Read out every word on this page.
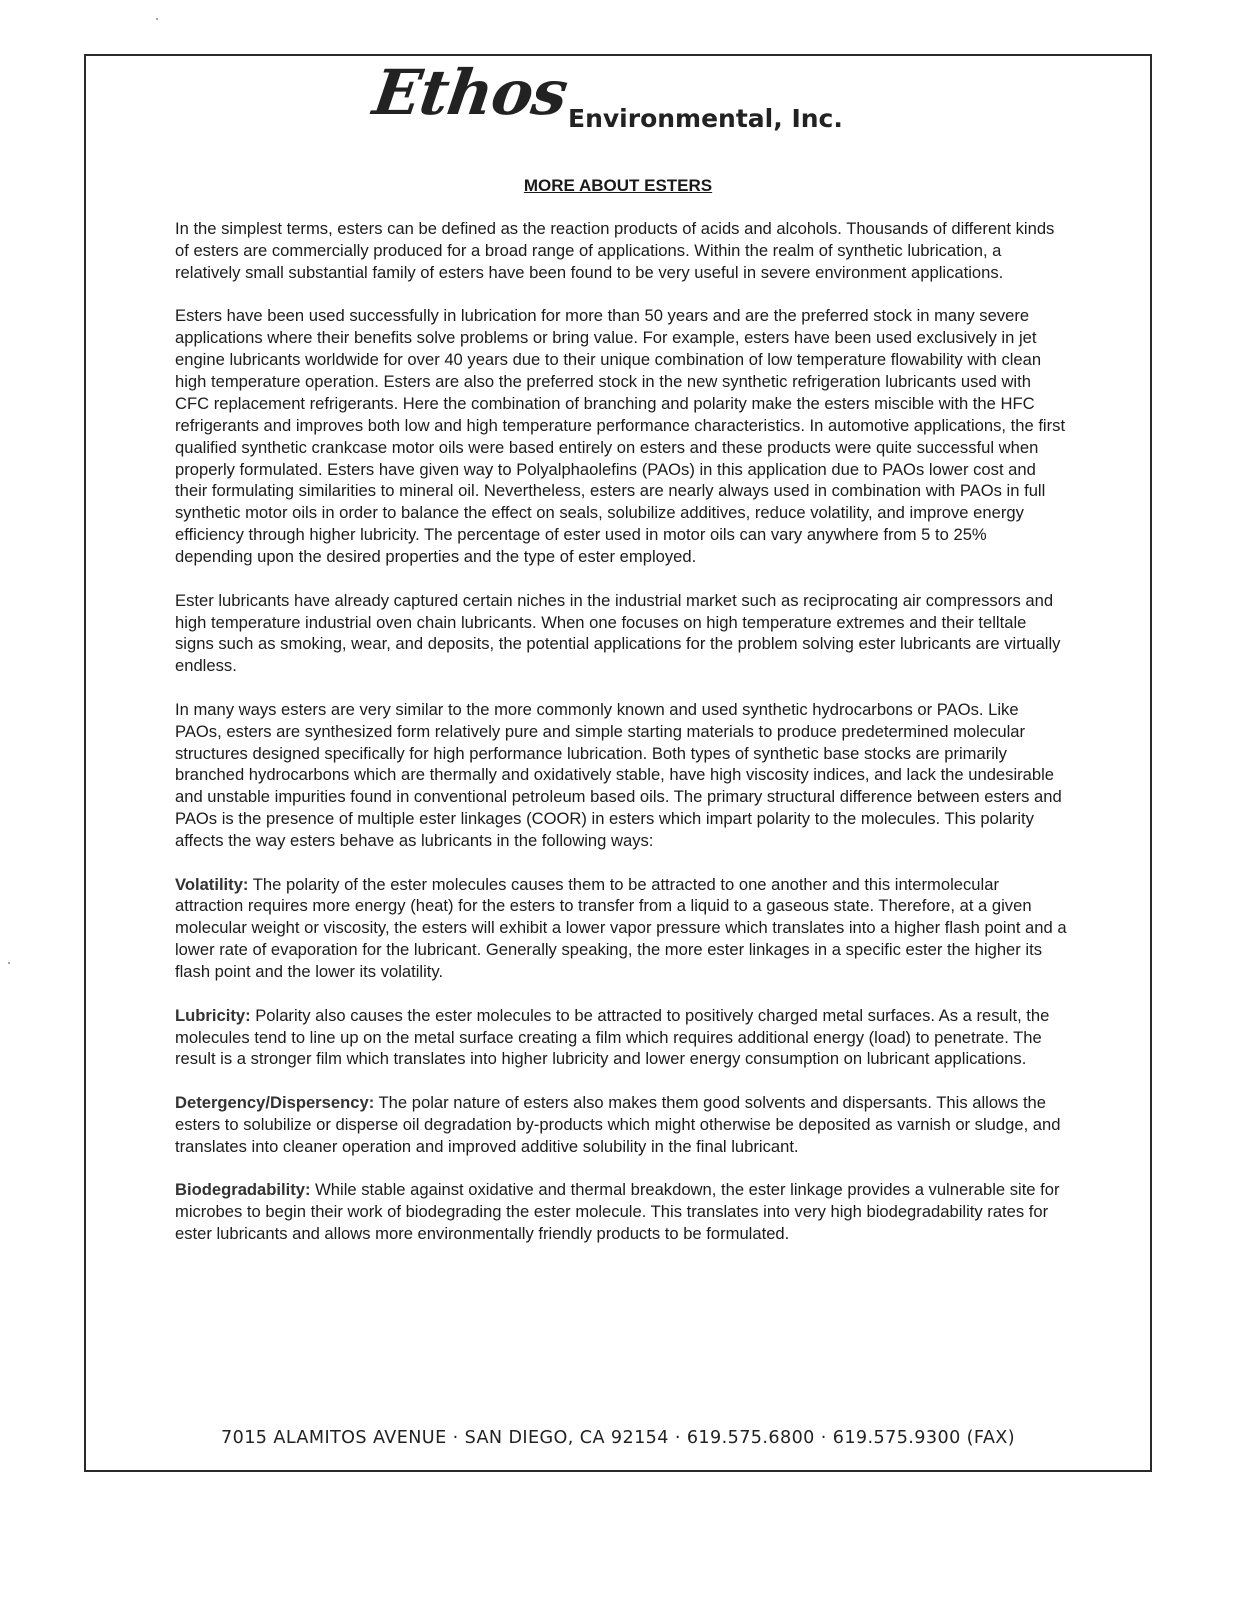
Ethos
Environmental, Inc.
MORE ABOUT ESTERS

In the simplest terms, esters can be defined as the reaction products of acids and alcohols. Thousands of different kinds of esters are commercially produced for a broad range of applications. Within the realm of synthetic lubrication, a relatively small substantial family of esters have been found to be very useful in severe environment applications.

Esters have been used successfully in lubrication for more than 50 years and are the preferred stock in many severe applications where their benefits solve problems or bring value. For example, esters have been used exclusively in jet engine lubricants worldwide for over 40 years due to their unique combination of low temperature flowability with clean high temperature operation. Esters are also the preferred stock in the new synthetic refrigeration lubricants used with CFC replacement refrigerants. Here the combination of branching and polarity make the esters miscible with the HFC refrigerants and improves both low and high temperature performance characteristics. In automotive applications, the first qualified synthetic crankcase motor oils were based entirely on esters and these products were quite successful when properly formulated. Esters have given way to Polyalphaolefins (PAOs) in this application due to PAOs lower cost and their formulating similarities to mineral oil. Nevertheless, esters are nearly always used in combination with PAOs in full synthetic motor oils in order to balance the effect on seals, solubilize additives, reduce volatility, and improve energy efficiency through higher lubricity. The percentage of ester used in motor oils can vary anywhere from 5 to 25% depending upon the desired properties and the type of ester employed.

Ester lubricants have already captured certain niches in the industrial market such as reciprocating air compressors and high temperature industrial oven chain lubricants. When one focuses on high temperature extremes and their telltale signs such as smoking, wear, and deposits, the potential applications for the problem solving ester lubricants are virtually endless.

In many ways esters are very similar to the more commonly known and used synthetic hydrocarbons or PAOs. Like PAOs, esters are synthesized form relatively pure and simple starting materials to produce predetermined molecular structures designed specifically for high performance lubrication. Both types of synthetic base stocks are primarily branched hydrocarbons which are thermally and oxidatively stable, have high viscosity indices, and lack the undesirable and unstable impurities found in conventional petroleum based oils. The primary structural difference between esters and PAOs is the presence of multiple ester linkages (COOR) in esters which impart polarity to the molecules. This polarity affects the way esters behave as lubricants in the following ways:

Volatility: The polarity of the ester molecules causes them to be attracted to one another and this intermolecular attraction requires more energy (heat) for the esters to transfer from a liquid to a gaseous state. Therefore, at a given molecular weight or viscosity, the esters will exhibit a lower vapor pressure which translates into a higher flash point and a lower rate of evaporation for the lubricant. Generally speaking, the more ester linkages in a specific ester the higher its flash point and the lower its volatility.

Lubricity: Polarity also causes the ester molecules to be attracted to positively charged metal surfaces. As a result, the molecules tend to line up on the metal surface creating a film which requires additional energy (load) to penetrate. The result is a stronger film which translates into higher lubricity and lower energy consumption on lubricant applications.

Detergency/Dispersency: The polar nature of esters also makes them good solvents and dispersants. This allows the esters to solubilize or disperse oil degradation by-products which might otherwise be deposited as varnish or sludge, and translates into cleaner operation and improved additive solubility in the final lubricant.

Biodegradability: While stable against oxidative and thermal breakdown, the ester linkage provides a vulnerable site for microbes to begin their work of biodegrading the ester molecule. This translates into very high biodegradability rates for ester lubricants and allows more environmentally friendly products to be formulated.

7015 ALAMITOS AVENUE · SAN DIEGO, CA 92154 · 619.575.6800 · 619.575.9300 (FAX)
